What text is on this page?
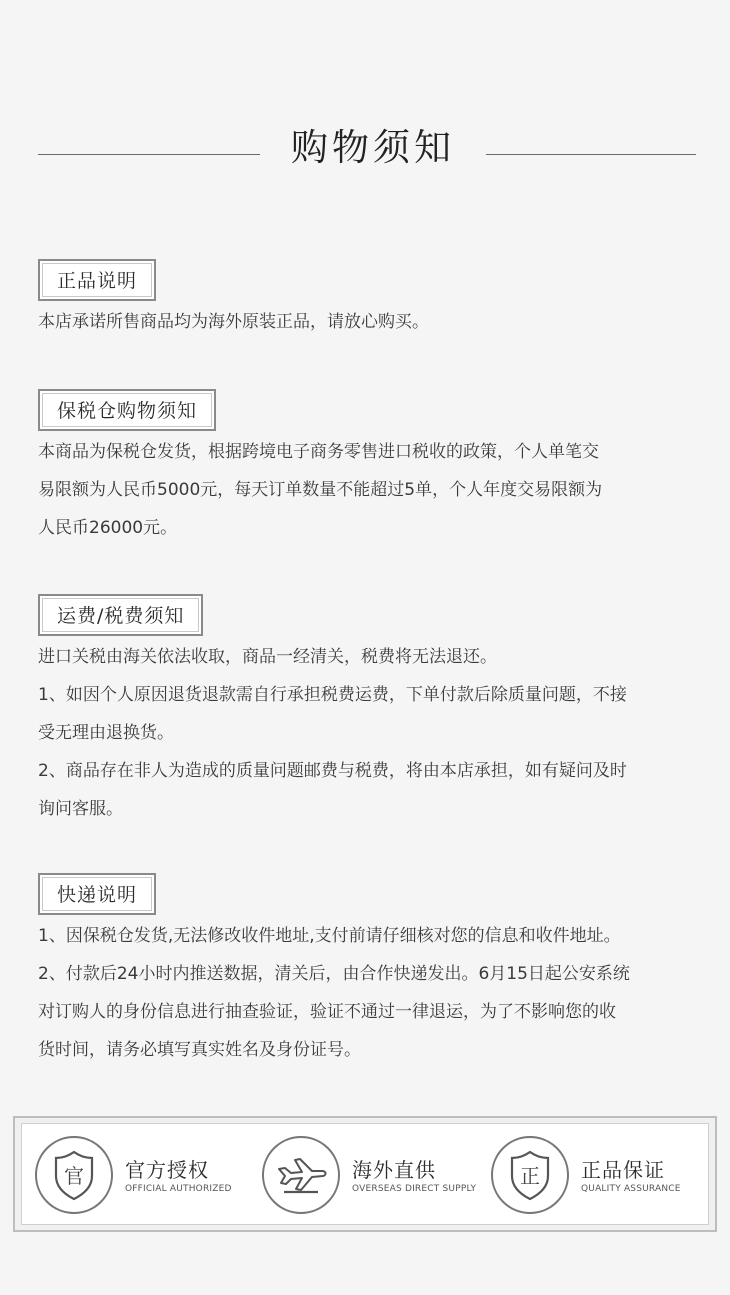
购物须知
正品说明
本店承诺所售商品均为海外原装正品，请放心购买。
保税仓购物须知
本商品为保税仓发货，根据跨境电子商务零售进口税收的政策，个人单笔交
易限额为人民币5000元，每天订单数量不能超过5单，个人年度交易限额为
人民币26000元。
运费/税费须知
进口关税由海关依法收取，商品一经清关，税费将无法退还。
1、如因个人原因退货退款需自行承担税费运费，下单付款后除质量问题，不接
受无理由退换货。
2、商品存在非人为造成的质量问题邮费与税费，将由本店承担，如有疑问及时
询问客服。
快递说明
1、因保税仓发货,无法修改收件地址,支付前请仔细核对您的信息和收件地址。
2、付款后24小时内推送数据，清关后，由合作快递发出。6月15日起公安系统
对订购人的身份信息进行抽查验证，验证不通过一律退运，为了不影响您的收
货时间，请务必填写真实姓名及身份证号。
官 官方授权
OFFICIAL AUTHORIZED
海外直供
OVERSEAS DIRECT SUPPLY
正 正品保证
QUALITY ASSURANCE
